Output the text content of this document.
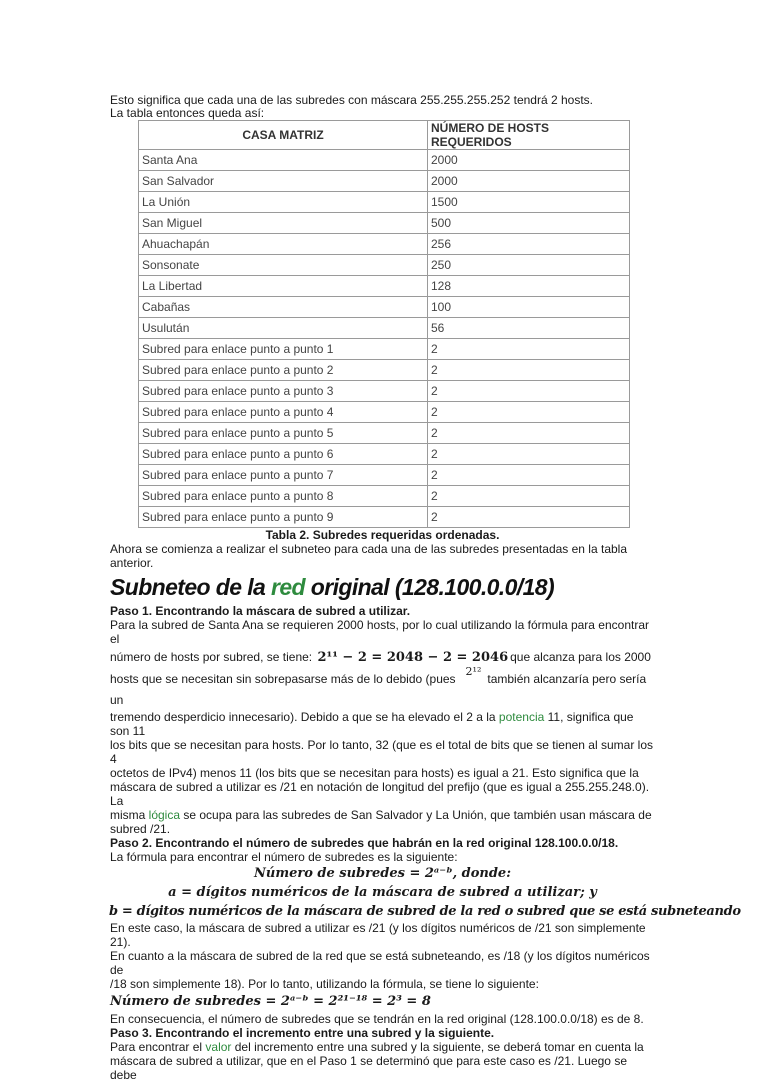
Esto significa que cada una de las subredes con máscara 255.255.255.252 tendrá 2 hosts.

La tabla entonces queda así:

CASA MATRIZ	NÚMERO DE HOSTS REQUERIDOS
Santa Ana	2000
San Salvador	2000
La Unión	1500
San Miguel	500
Ahuachapán	256
Sonsonate	250
La Libertad	128
Cabañas	100
Usulután	56
Subred para enlace punto a punto 1	2
Subred para enlace punto a punto 2	2
Subred para enlace punto a punto 3	2
Subred para enlace punto a punto 4	2
Subred para enlace punto a punto 5	2
Subred para enlace punto a punto 6	2
Subred para enlace punto a punto 7	2
Subred para enlace punto a punto 8	2
Subred para enlace punto a punto 9	2

Tabla 2. Subredes requeridas ordenadas.

Ahora se comienza a realizar el subneteo para cada una de las subredes presentadas en la tabla anterior.

Subneteo de la red original (128.100.0.0/18)

Paso 1. Encontrando la máscara de subred a utilizar.

Para la subred de Santa Ana se requieren 2000 hosts, por lo cual utilizando la fórmula para encontrar el

número de hosts por subred, se tiene: 2¹¹ − 2 = 2048 − 2 = 2046 que alcanza para los 2000

hosts que se necesitan sin sobrepasarse más de lo debido (pues2¹²también alcanzaría pero sería un

tremendo desperdicio innecesario). Debido a que se ha elevado el 2 a la potencia 11, significa que son 11

los bits que se necesitan para hosts. Por lo tanto, 32 (que es el total de bits que se tienen al sumar los 4

octetos de IPv4) menos 11 (los bits que se necesitan para hosts) es igual a 21. Esto significa que la

máscara de subred a utilizar es /21 en notación de longitud del prefijo (que es igual a 255.255.248.0). La

misma lógica se ocupa para las subredes de San Salvador y La Unión, que también usan máscara de

subred /21.

Paso 2. Encontrando el número de subredes que habrán en la red original 128.100.0.0/18.

La fórmula para encontrar el número de subredes es la siguiente:

Número de subredes = 2ᵃ⁻ᵇ, donde:

a = dígitos numéricos de la máscara de subred a utilizar; y

b = dígitos numéricos de la máscara de subred de la red o subred que se está subneteando

En este caso, la máscara de subred a utilizar es /21 (y los dígitos numéricos de /21 son simplemente 21).

En cuanto a la máscara de subred de la red que se está subneteando, es /18 (y los dígitos numéricos de

/18 son simplemente 18). Por lo tanto, utilizando la fórmula, se tiene lo siguiente:

Número de subredes = 2ᵃ⁻ᵇ = 2²¹⁻¹⁸ = 2³ = 8

En consecuencia, el número de subredes que se tendrán en la red original (128.100.0.0/18) es de 8.

Paso 3. Encontrando el incremento entre una subred y la siguiente.

Para encontrar el valor del incremento entre una subred y la siguiente, se deberá tomar en cuenta la

máscara de subred a utilizar, que en el Paso 1 se determinó que para este caso es /21. Luego se debe
